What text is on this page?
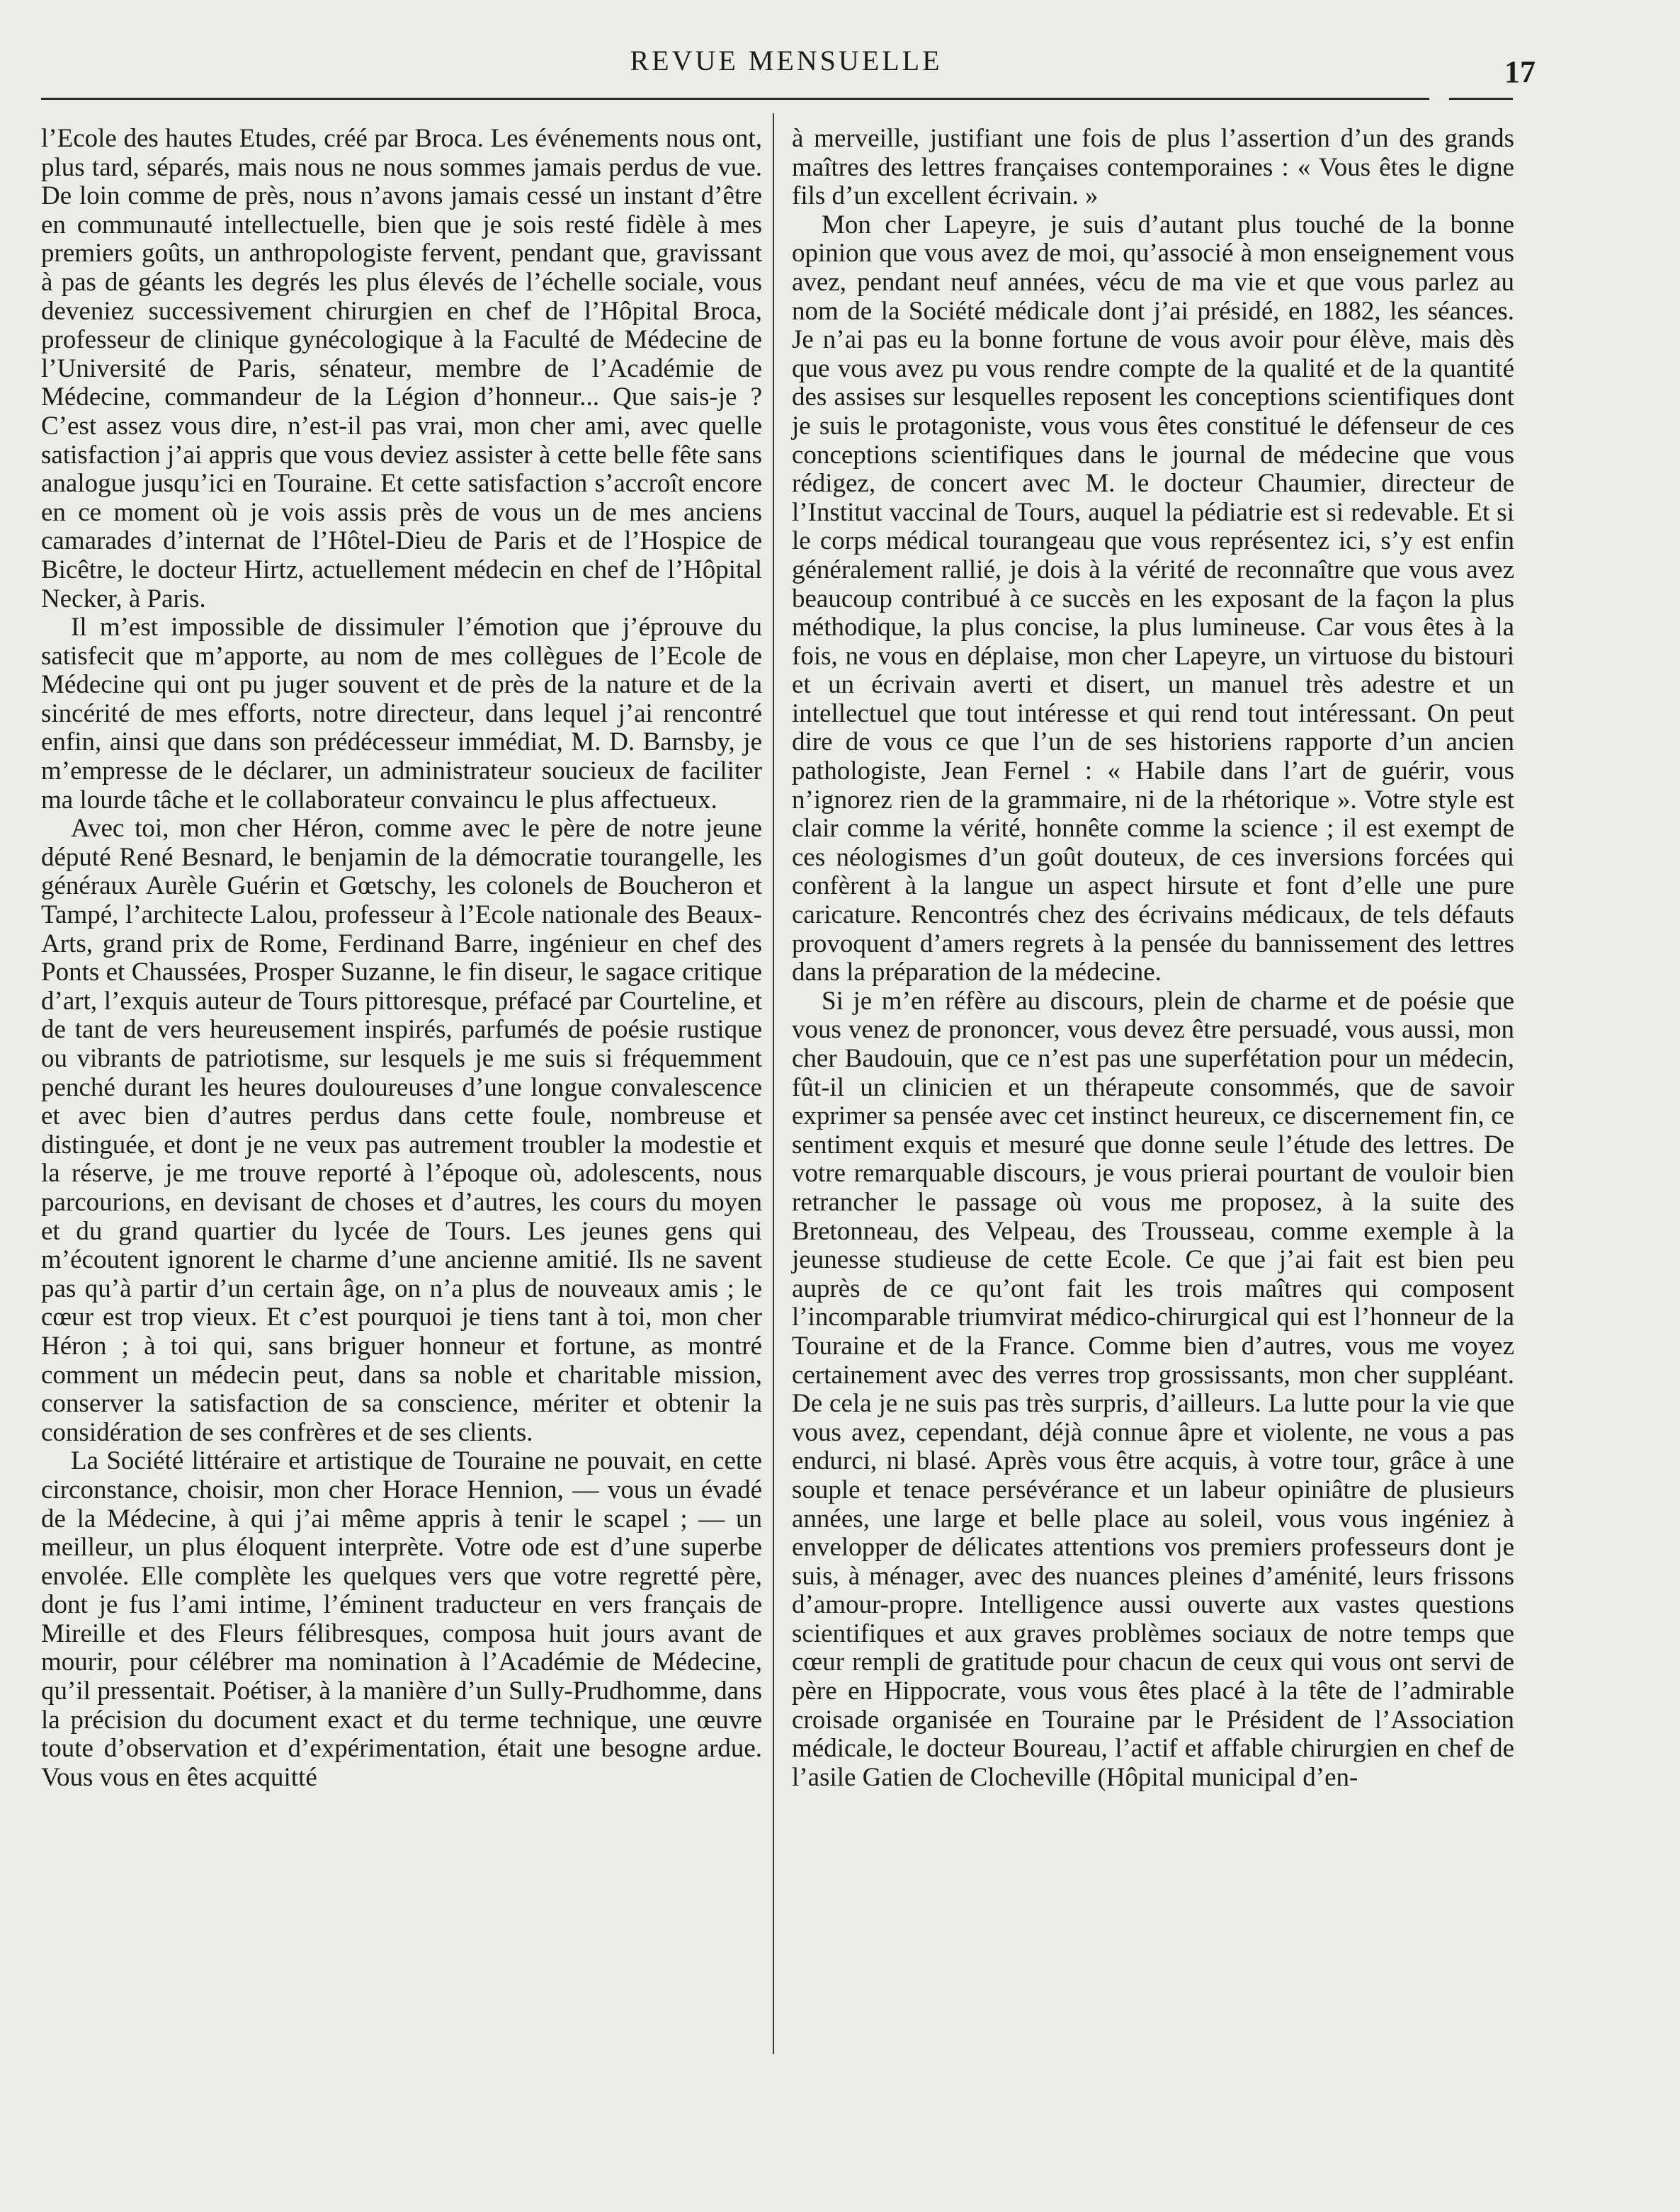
REVUE MENSUELLE	17

l’Ecole des hautes Etudes, créé par Broca. Les événements nous ont, plus tard, séparés, mais nous ne nous sommes jamais perdus de vue. De loin comme de près, nous n’avons jamais cessé un instant d’être en communauté intellectuelle, bien que je sois resté fidèle à mes premiers goûts, un anthropologiste fervent, pendant que, gravissant à pas de géants les degrés les plus élevés de l’échelle sociale, vous deveniez successivement chirurgien en chef de l’Hôpital Broca, professeur de clinique gynécologique à la Faculté de Médecine de l’Université de Paris, sénateur, membre de l’Académie de Médecine, commandeur de la Légion d’honneur... Que sais-je ? C’est assez vous dire, n’est-il pas vrai, mon cher ami, avec quelle satisfaction j’ai appris que vous deviez assister à cette belle fête sans analogue jusqu’ici en Touraine. Et cette satisfaction s’accroît encore en ce moment où je vois assis près de vous un de mes anciens camarades d’internat de l’Hôtel-Dieu de Paris et de l’Hospice de Bicêtre, le docteur Hirtz, actuellement médecin en chef de l’Hôpital Necker, à Paris.

Il m’est impossible de dissimuler l’émotion que j’éprouve du satisfecit que m’apporte, au nom de mes collègues de l’Ecole de Médecine qui ont pu juger souvent et de près de la nature et de la sincérité de mes efforts, notre directeur, dans lequel j’ai rencontré enfin, ainsi que dans son prédécesseur immédiat, M. D. Barnsby, je m’empresse de le déclarer, un administrateur soucieux de faciliter ma lourde tâche et le collaborateur convaincu le plus affectueux.

Avec toi, mon cher Héron, comme avec le père de notre jeune député René Besnard, le benjamin de la démocratie tourangelle, les généraux Aurèle Guérin et Gœtschy, les colonels de Boucheron et Tampé, l’architecte Lalou, professeur à l’Ecole nationale des Beaux-Arts, grand prix de Rome, Ferdinand Barre, ingénieur en chef des Ponts et Chaussées, Prosper Suzanne, le fin diseur, le sagace critique d’art, l’exquis auteur de Tours pittoresque, préfacé par Courteline, et de tant de vers heureusement inspirés, parfumés de poésie rustique ou vibrants de patriotisme, sur lesquels je me suis si fréquemment penché durant les heures douloureuses d’une longue convalescence et avec bien d’autres perdus dans cette foule, nombreuse et distinguée, et dont je ne veux pas autrement troubler la modestie et la réserve, je me trouve reporté à l’époque où, adolescents, nous parcourions, en devisant de choses et d’autres, les cours du moyen et du grand quartier du lycée de Tours. Les jeunes gens qui m’écoutent ignorent le charme d’une ancienne amitié. Ils ne savent pas qu’à partir d’un certain âge, on n’a plus de nouveaux amis ; le cœur est trop vieux. Et c’est pourquoi je tiens tant à toi, mon cher Héron ; à toi qui, sans briguer honneur et fortune, as montré comment un médecin peut, dans sa noble et charitable mission, conserver la satisfaction de sa conscience, mériter et obtenir la considération de ses confrères et de ses clients.

La Société littéraire et artistique de Touraine ne pouvait, en cette circonstance, choisir, mon cher Horace Hennion, — vous un évadé de la Médecine, à qui j’ai même appris à tenir le scapel ; — un meilleur, un plus éloquent interprète. Votre ode est d’une superbe envolée. Elle complète les quelques vers que votre regretté père, dont je fus l’ami intime, l’éminent traducteur en vers français de Mireille et des Fleurs félibresques, composa huit jours avant de mourir, pour célébrer ma nomination à l’Académie de Médecine, qu’il pressentait. Poétiser, à la manière d’un Sully-Prudhomme, dans la précision du document exact et du terme technique, une œuvre toute d’observation et d’expérimentation, était une besogne ardue. Vous vous en êtes acquitté

à merveille, justifiant une fois de plus l’assertion d’un des grands maîtres des lettres françaises contemporaines : « Vous êtes le digne fils d’un excellent écrivain. »

Mon cher Lapeyre, je suis d’autant plus touché de la bonne opinion que vous avez de moi, qu’associé à mon enseignement vous avez, pendant neuf années, vécu de ma vie et que vous parlez au nom de la Société médicale dont j’ai présidé, en 1882, les séances. Je n’ai pas eu la bonne fortune de vous avoir pour élève, mais dès que vous avez pu vous rendre compte de la qualité et de la quantité des assises sur lesquelles reposent les conceptions scientifiques dont je suis le protagoniste, vous vous êtes constitué le défenseur de ces conceptions scientifiques dans le journal de médecine que vous rédigez, de concert avec M. le docteur Chaumier, directeur de l’Institut vaccinal de Tours, auquel la pédiatrie est si redevable. Et si le corps médical tourangeau que vous représentez ici, s’y est enfin généralement rallié, je dois à la vérité de reconnaître que vous avez beaucoup contribué à ce succès en les exposant de la façon la plus méthodique, la plus concise, la plus lumineuse. Car vous êtes à la fois, ne vous en déplaise, mon cher Lapeyre, un virtuose du bistouri et un écrivain averti et disert, un manuel très adestre et un intellectuel que tout intéresse et qui rend tout intéressant. On peut dire de vous ce que l’un de ses historiens rapporte d’un ancien pathologiste, Jean Fernel : « Habile dans l’art de guérir, vous n’ignorez rien de la grammaire, ni de la rhétorique ». Votre style est clair comme la vérité, honnête comme la science ; il est exempt de ces néologismes d’un goût douteux, de ces inversions forcées qui confèrent à la langue un aspect hirsute et font d’elle une pure caricature. Rencontrés chez des écrivains médicaux, de tels défauts provoquent d’amers regrets à la pensée du bannissement des lettres dans la préparation de la médecine.

Si je m’en réfère au discours, plein de charme et de poésie que vous venez de prononcer, vous devez être persuadé, vous aussi, mon cher Baudouin, que ce n’est pas une superfétation pour un médecin, fût-il un clinicien et un thérapeute consommés, que de savoir exprimer sa pensée avec cet instinct heureux, ce discernement fin, ce sentiment exquis et mesuré que donne seule l’étude des lettres. De votre remarquable discours, je vous prierai pourtant de vouloir bien retrancher le passage où vous me proposez, à la suite des Bretonneau, des Velpeau, des Trousseau, comme exemple à la jeunesse studieuse de cette Ecole. Ce que j’ai fait est bien peu auprès de ce qu’ont fait les trois maîtres qui composent l’incomparable triumvirat médico-chirurgical qui est l’honneur de la Touraine et de la France. Comme bien d’autres, vous me voyez certainement avec des verres trop grossissants, mon cher suppléant. De cela je ne suis pas très surpris, d’ailleurs. La lutte pour la vie que vous avez, cependant, déjà connue âpre et violente, ne vous a pas endurci, ni blasé. Après vous être acquis, à votre tour, grâce à une souple et tenace persévérance et un labeur opiniâtre de plusieurs années, une large et belle place au soleil, vous vous ingéniez à envelopper de délicates attentions vos premiers professeurs dont je suis, à ménager, avec des nuances pleines d’aménité, leurs frissons d’amour-propre. Intelligence aussi ouverte aux vastes questions scientifiques et aux graves problèmes sociaux de notre temps que cœur rempli de gratitude pour chacun de ceux qui vous ont servi de père en Hippocrate, vous vous êtes placé à la tête de l’admirable croisade organisée en Touraine par le Président de l’Association médicale, le docteur Boureau, l’actif et affable chirurgien en chef de l’asile Gatien de Clocheville (Hôpital municipal d’en-
